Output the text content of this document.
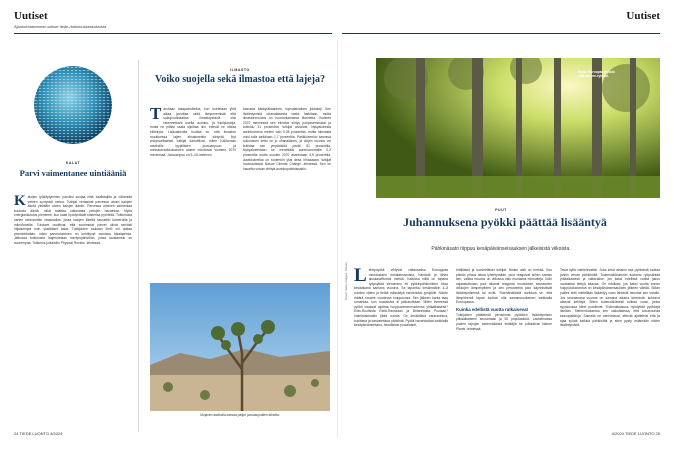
Uutiset
Ajankohtaisimmat uutiset tiede-/tutkimuskeskuksista
Uutiset
KALAT
Parvi vaimentanee uintiääniä
Kaloijen lyöttäytyminen parviksi suojaa niitä saalistajilta ja vähentää veteen syntyvää melua. Tutkijat vertasivat parvessa uivien kalojen ääntä yksittäin uivien kalojen ääniin. Parvessa uiminen vaimentaa kuuluvia ääniä, mikä saattaa vaikeuttaa petojen havaintoa. Myös energiankulutus pienenee, kun kalat hyödyntävät toistensa pyörteitä. Tutkimusta varten rakennettiin virtausallas, jossa kalojen liikettä seurattiin kameroilla ja mikrofoneilla. Tulokset osoittivat, että suurimmat parvet olivat selvästi hiljaisempia kuin yksittäiset kalat. Tutkijoiden mukaan ilmiö voi auttaa ymmärtämään, miksi parveutuminen on kehittynyt monissa kalalajeissa. Jatkossa tutkimusta laajennetaan meriympäristöön, jossa taustamelu on suurempaa. Tutkimus julkaistiin Physical Review -lehdessä.
ILMASTO
Voiko suojella sekä ilmastoa että lajeja?
Tarvitaan tasapainottelua, kun koetetaan yhtä aikaa jarruttaa sekä lämpenemistä että sukupuuttoaaltoa. Ilmastoystäviä olisi rakennettava useita aurinko- ja tuulipuistoja, mutta ne pitäisi osata sijoittaa niin, ettevät ne uhkaa eliökirjoa. Lisävaikeutta tuottaa se, että ilmaston muuttuessa lajien elinalueetkin siirtyvät. Nyt yhdysvaltalaiset tutkijat kartoittivat, miten Kalifornian aavikoille tyypillisten joosuanpuun ja mekskonavikkokasvien alueet muuttuvat vuoteen 2070 mennessä. Joosuanpuu on 5–15-metrinen
kasvava käkkyräkaarinen, tupsutatvainen jukkalaji. Sen lisääntymistä uhanalaisesta vasta harkitaan, mutta ilmastonmuutos on huonontamassa tilannetta. Vuoteen 2070 mennessä sen elinalue siirtyy pohjoisemmaksi ja kutistuu 31 prosenttia, tutkijat arvioivat. Nykyalueesta aurinkovoima meleni vain 0,05 prosenttia, mutta tulevasta voisi tulla kaikkiaan 1,7 prosenttia. Parikilosenkoi kasvava sukovanen kettu on jo uhanalainen, ja olojen muutos voi kutistaa sen ympäristöä peräti 81 prosenttia. Nykyalueestaan se menettäisi aurinkovoimalle 0,2 prosenttia mutta vuoden 2070 alueestaan 3,9 prosenttia. Aavikkokettua on tuotenkin yksi desa hihasaaan, tutkijat huomauttavat Nature Climate Change -lehdessä. Sen on havaittu voivan viihtyä aurinkopuistoissakin.
Mojaven aavikolla kasvaa paljon joosuanpuiden aihioita.
Kuva: Euroopan pyökki elää tamme-ryhmiä.
PUUT
Juhannuksena pyökki päättää lisääntyä
Pähkinäsato riippuu kesäpäivänseisauksen jälkeisistä viikoista.
Lehtipuyökit vihtyvät valtaosassa Eurooppaa moodostaen tiuhalatvustoista, hämäriä ja lähes aluskasvittomia metsiä. Kaikissa niillä on tapana ryöpsyttää siementen eli pyökinpähkinöiden tuloa kesäaikana samana vuosina. Se tapahtuu keskimäärin 4–8 vuoden välein ja tietää mässäilyä esimerkiksi jyrsijöille. Niiden määrä nousee vuodessa huippuunsa. Sen jälkeen kanta taas romahtaa, kun ruokatulva ei jatkunutkaan. Miten ihmeessä pyökit osaavat ajoittaa huippusiemenvuotensa yhtäaikaisesti? Eräs-Ruotsista Etelä-Ranskaan ja Britanniasta Puolaan? Valmistautuakin pitää vuosia. On keräättävä vararavintoa, kukittava ja kasvatettava pähkinät. Pyökit havahduttaa kaikkialla kesäpäivänseisaus, havaitsivat puolalaiset,
brittiläiset ja suoveeläiset tutkijat. Niiden aisti on herkkä. Kun päivän pituus alkaa lyhentymään, puut reagoivat siihen saman tien, vaikka muutos on viikossa vain muutama minuutteja. Noin vajaastuttuaan puut alkavat reagoida muutoksen seuraavien viikkojen lämpenytteen ja sen perusteella joko käynnistävät lisääntymisensä tai eivät. Yhtenäisiköistä aurinkoa se, että lämpötrendi tapaa tuolloin olla samansuuntainen kaikkialla Euroopassa.
Kuinka edellistä vuotta ratkaisevat
Tutkijoiden päätelmät perustuvat pyökkien lisääntymisen pitkäaikaiseen seurantaan ja 50 populaatiota. Laskelmassa puiden tapojen todennäköisiä selittäjiä he julkaisivat Nature Plants -lehdessä.
Tavat kyllä vaihtelevatkin. Joka kesä ainakin osa pyökeistä tuottaa jonkin verran pähkinöitä. Todennäköisimmin tuotanto ryöpsähtää yhtäaikaisesti ja valtavakse, jos kaksi edellistä vuotta jakoo noudattaa tiettyä kaavaa. On edulkasi, jos kaksi vuotta ennen huippututuotantoa on kesäpäivänseisauksen jälkeen viileää. Silloin puilles ehtii mielellään lisääntyy vaan lahtävät tavintoa sen varalle. Jos seuraavana vuonna on samana aikana lämmintä, kukinnot alkavat kehittyä. Sitten todennäköisesti koittaa vuosi, jonka syyskuussa hiiret putoilevat. Yhdenaikaisuus hyödyttää pyökkejä itseään. Siementuotantoa sen vaikuttaessa, että koirasuuhaa kasvupaikkoja. Samalla ne varmistavat, ettevät ajatteleisi että ja ajaa syödä kaikkia pähkinöitä ja siten pysty estämään niiden lisääntymistä.
Kuvat: Getty Images, Pexels
24 TIEDE LUONTO 4/2024	4/2024 TIEDE LUONTO 25
